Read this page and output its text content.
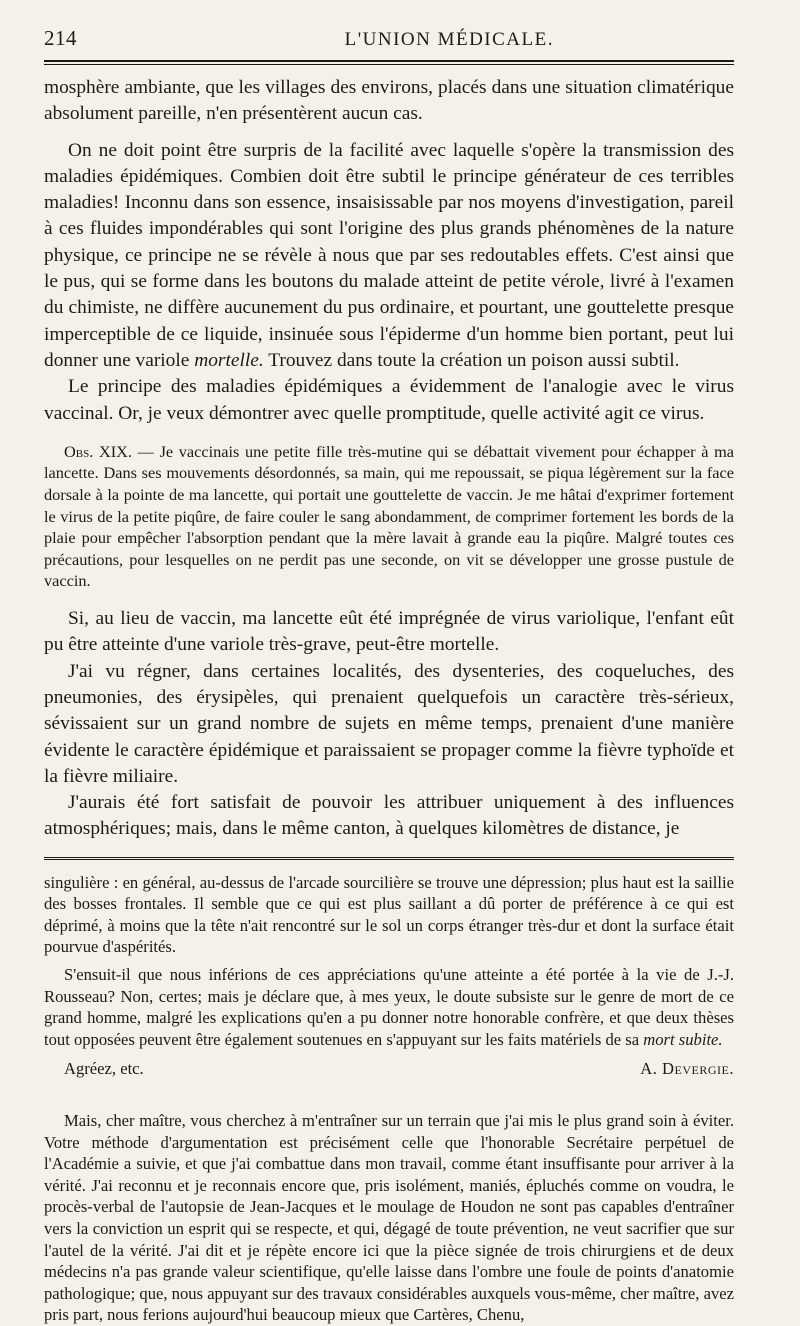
214	L'UNION MÉDICALE.

mosphère ambiante, que les villages des environs, placés dans une situation climatérique absolument pareille, n'en présentèrent aucun cas.

On ne doit point être surpris de la facilité avec laquelle s'opère la transmission des maladies épidémiques. Combien doit être subtil le principe générateur de ces terribles maladies! Inconnu dans son essence, insaisissable par nos moyens d'investigation, pareil à ces fluides impondérables qui sont l'origine des plus grands phénomènes de la nature physique, ce principe ne se révèle à nous que par ses redoutables effets. C'est ainsi que le pus, qui se forme dans les boutons du malade atteint de petite vérole, livré à l'examen du chimiste, ne diffère aucunement du pus ordinaire, et pourtant, une gouttelette presque imperceptible de ce liquide, insinuée sous l'épiderme d'un homme bien portant, peut lui donner une variole mortelle. Trouvez dans toute la création un poison aussi subtil.

Le principe des maladies épidémiques a évidemment de l'analogie avec le virus vaccinal. Or, je veux démontrer avec quelle promptitude, quelle activité agit ce virus.

Obs. XIX. — Je vaccinais une petite fille très-mutine qui se débattait vivement pour échapper à ma lancette. Dans ses mouvements désordonnés, sa main, qui me repoussait, se piqua légèrement sur la face dorsale à la pointe de ma lancette, qui portait une gouttelette de vaccin. Je me hâtai d'exprimer fortement le virus de la petite piqûre, de faire couler le sang abondamment, de comprimer fortement les bords de la plaie pour empêcher l'absorption pendant que la mère lavait à grande eau la piqûre. Malgré toutes ces précautions, pour lesquelles on ne perdit pas une seconde, on vit se développer une grosse pustule de vaccin.

Si, au lieu de vaccin, ma lancette eût été imprégnée de virus variolique, l'enfant eût pu être atteinte d'une variole très-grave, peut-être mortelle.

J'ai vu régner, dans certaines localités, des dysenteries, des coqueluches, des pneumonies, des érysipèles, qui prenaient quelquefois un caractère très-sérieux, sévissaient sur un grand nombre de sujets en même temps, prenaient d'une manière évidente le caractère épidémique et paraissaient se propager comme la fièvre typhoïde et la fièvre miliaire.

J'aurais été fort satisfait de pouvoir les attribuer uniquement à des influences atmosphériques; mais, dans le même canton, à quelques kilomètres de distance, je

singulière : en général, au-dessus de l'arcade sourcilière se trouve une dépression; plus haut est la saillie des bosses frontales. Il semble que ce qui est plus saillant a dû porter de préférence à ce qui est déprimé, à moins que la tête n'ait rencontré sur le sol un corps étranger très-dur et dont la surface était pourvue d'aspérités.

S'ensuit-il que nous inférions de ces appréciations qu'une atteinte a été portée à la vie de J.-J. Rousseau? Non, certes; mais je déclare que, à mes yeux, le doute subsiste sur le genre de mort de ce grand homme, malgré les explications qu'en a pu donner notre honorable confrère, et que deux thèses tout opposées peuvent être également soutenues en s'appuyant sur les faits matériels de sa mort subite.

Agréez, etc.	A. Devergie.

Mais, cher maître, vous cherchez à m'entraîner sur un terrain que j'ai mis le plus grand soin à éviter. Votre méthode d'argumentation est précisément celle que l'honorable Secrétaire perpétuel de l'Académie a suivie, et que j'ai combattue dans mon travail, comme étant insuffisante pour arriver à la vérité. J'ai reconnu et je reconnais encore que, pris isolément, maniés, épluchés comme on voudra, le procès-verbal de l'autopsie de Jean-Jacques et le moulage de Houdon ne sont pas capables d'entraîner vers la conviction un esprit qui se respecte, et qui, dégagé de toute prévention, ne veut sacrifier que sur l'autel de la vérité. J'ai dit et je répète encore ici que la pièce signée de trois chirurgiens et de deux médecins n'a pas grande valeur scientifique, qu'elle laisse dans l'ombre une foule de points d'anatomie pathologique; que, nous appuyant sur des travaux considérables auxquels vous-même, cher maître, avez pris part, nous ferions aujourd'hui beaucoup mieux que Cartères, Chenu,
